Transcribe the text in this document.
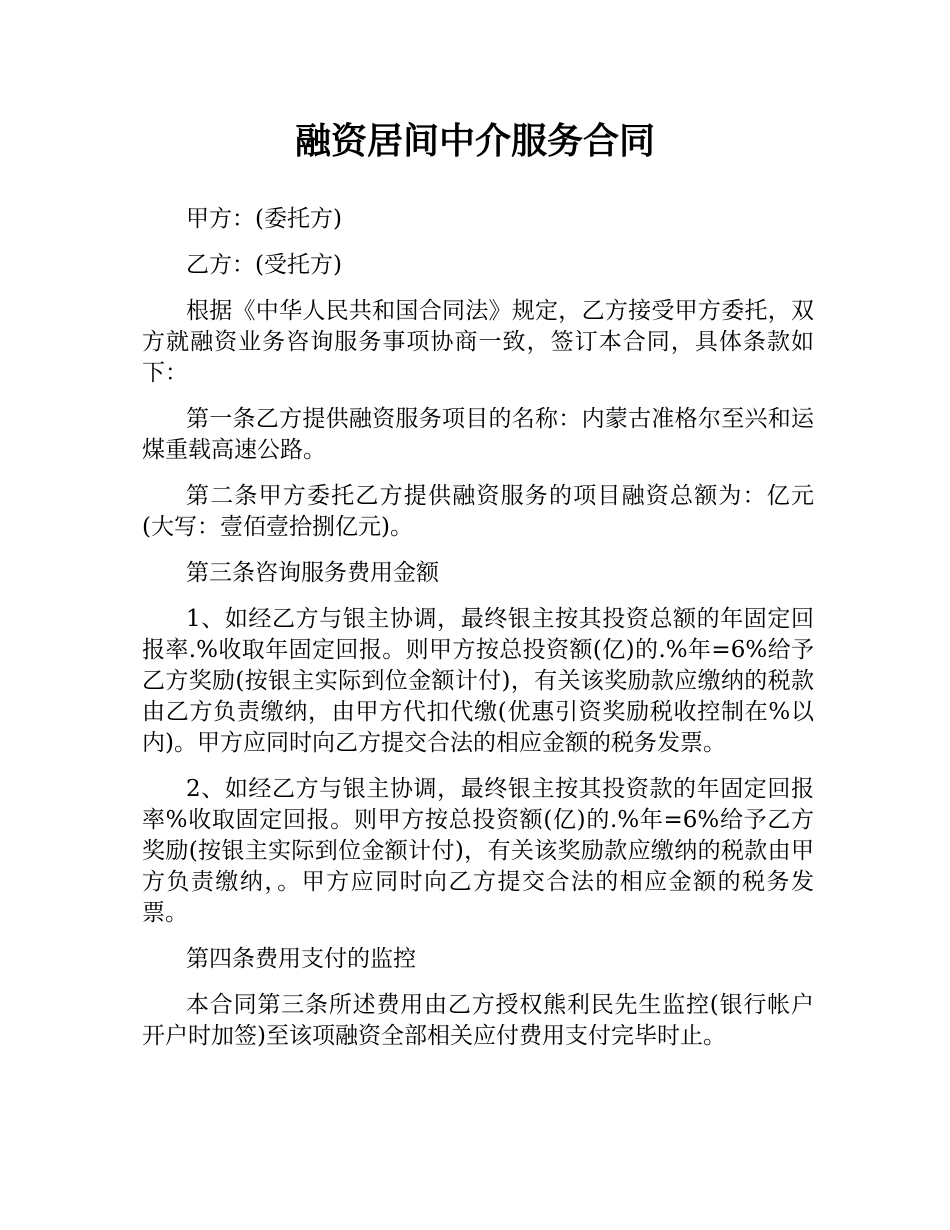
融资居间中介服务合同

甲方：(委托方)

乙方：(受托方)

根据《中华人民共和国合同法》规定，乙方接受甲方委托，双方就融资业务咨询服务事项协商一致，签订本合同，具体条款如下：

第一条乙方提供融资服务项目的名称：内蒙古准格尔至兴和运煤重载高速公路。

第二条甲方委托乙方提供融资服务的项目融资总额为：亿元(大写：壹佰壹拾捌亿元)。

第三条咨询服务费用金额

1、如经乙方与银主协调，最终银主按其投资总额的年固定回报率.%收取年固定回报。则甲方按总投资额(亿)的.%年=6%给予乙方奖励(按银主实际到位金额计付)，有关该奖励款应缴纳的税款由乙方负责缴纳，由甲方代扣代缴(优惠引资奖励税收控制在%以内)。甲方应同时向乙方提交合法的相应金额的税务发票。

2、如经乙方与银主协调，最终银主按其投资款的年固定回报率%收取固定回报。则甲方按总投资额(亿)的.%年=6%给予乙方奖励(按银主实际到位金额计付)，有关该奖励款应缴纳的税款由甲方负责缴纳，。甲方应同时向乙方提交合法的相应金额的税务发票。

第四条费用支付的监控

本合同第三条所述费用由乙方授权熊利民先生监控(银行帐户开户时加签)至该项融资全部相关应付费用支付完毕时止。
